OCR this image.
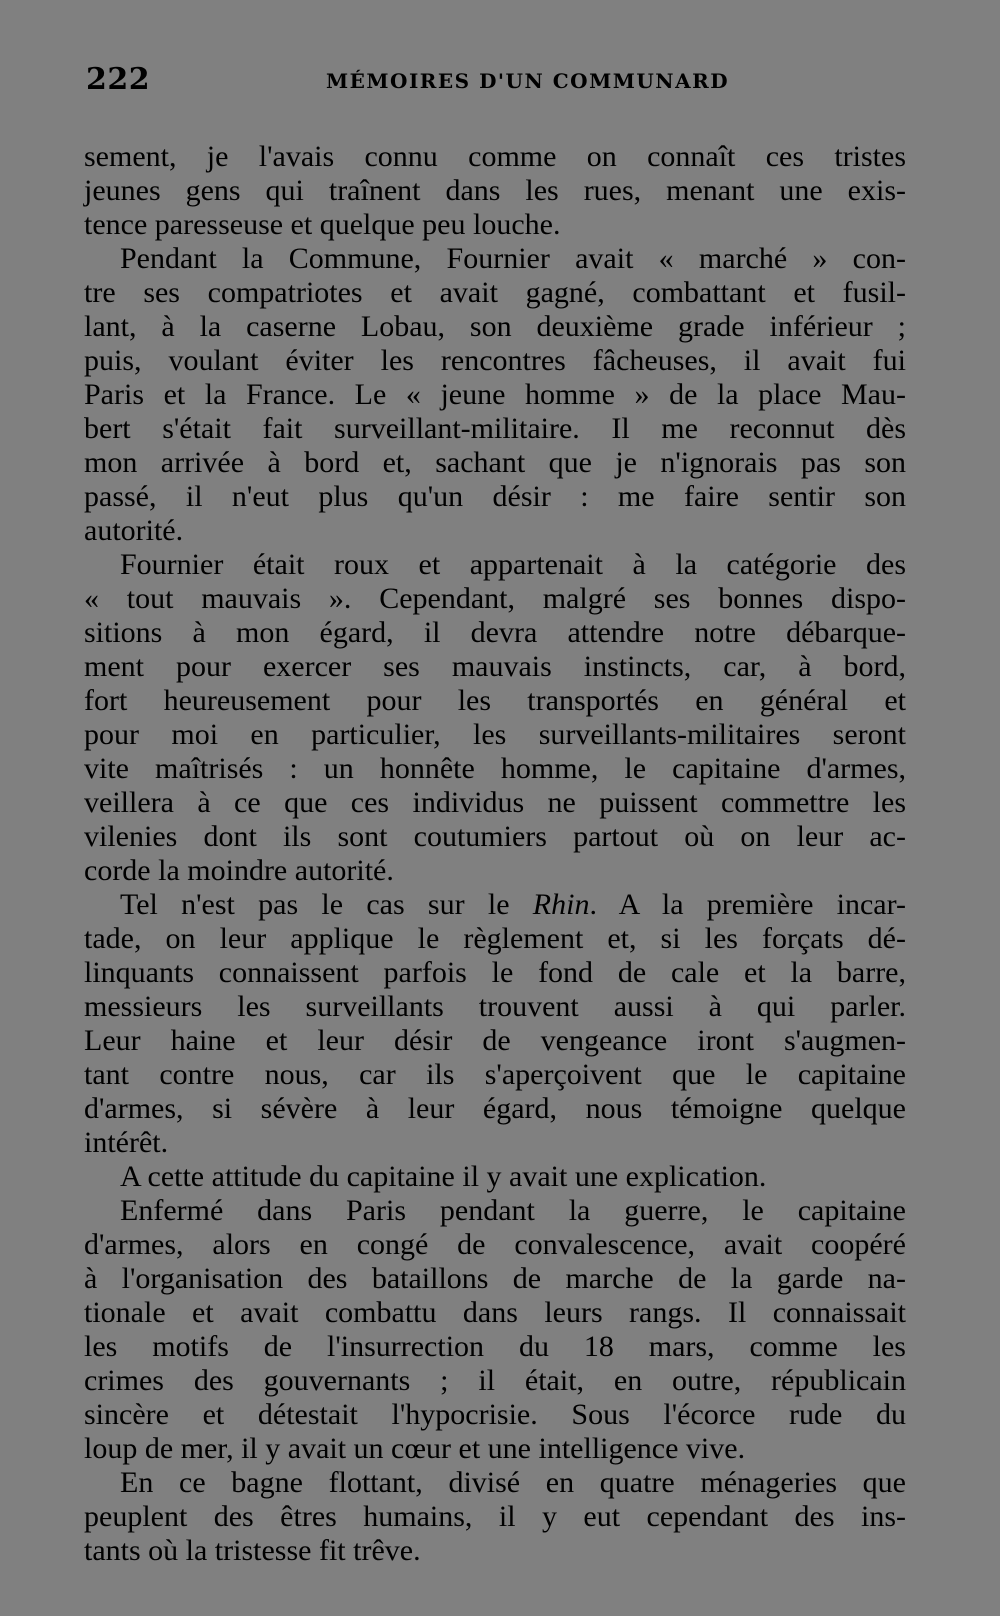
222	MÉMOIRES D'UN COMMUNARD
sement, je l'avais connu comme on connaît ces tristes
jeunes gens qui traînent dans les rues, menant une exis-
tence paresseuse et quelque peu louche.
Pendant la Commune, Fournier avait « marché » con-
tre ses compatriotes et avait gagné, combattant et fusil-
lant, à la caserne Lobau, son deuxième grade inférieur ;
puis, voulant éviter les rencontres fâcheuses, il avait fui
Paris et la France. Le « jeune homme » de la place Mau-
bert s'était fait surveillant-militaire. Il me reconnut dès
mon arrivée à bord et, sachant que je n'ignorais pas son
passé, il n'eut plus qu'un désir : me faire sentir son
autorité.
Fournier était roux et appartenait à la catégorie des
« tout mauvais ». Cependant, malgré ses bonnes dispo-
sitions à mon égard, il devra attendre notre débarque-
ment pour exercer ses mauvais instincts, car, à bord,
fort heureusement pour les transportés en général et
pour moi en particulier, les surveillants-militaires seront
vite maîtrisés : un honnête homme, le capitaine d'armes,
veillera à ce que ces individus ne puissent commettre les
vilenies dont ils sont coutumiers partout où on leur ac-
corde la moindre autorité.
Tel n'est pas le cas sur le Rhin. A la première incar-
tade, on leur applique le règlement et, si les forçats dé-
linquants connaissent parfois le fond de cale et la barre,
messieurs les surveillants trouvent aussi à qui parler.
Leur haine et leur désir de vengeance iront s'augmen-
tant contre nous, car ils s'aperçoivent que le capitaine
d'armes, si sévère à leur égard, nous témoigne quelque
intérêt.
A cette attitude du capitaine il y avait une explication.
Enfermé dans Paris pendant la guerre, le capitaine
d'armes, alors en congé de convalescence, avait coopéré
à l'organisation des bataillons de marche de la garde na-
tionale et avait combattu dans leurs rangs. Il connaissait
les motifs de l'insurrection du 18 mars, comme les
crimes des gouvernants ; il était, en outre, républicain
sincère et détestait l'hypocrisie. Sous l'écorce rude du
loup de mer, il y avait un cœur et une intelligence vive.
En ce bagne flottant, divisé en quatre ménageries que
peuplent des êtres humains, il y eut cependant des ins-
tants où la tristesse fit trêve.
